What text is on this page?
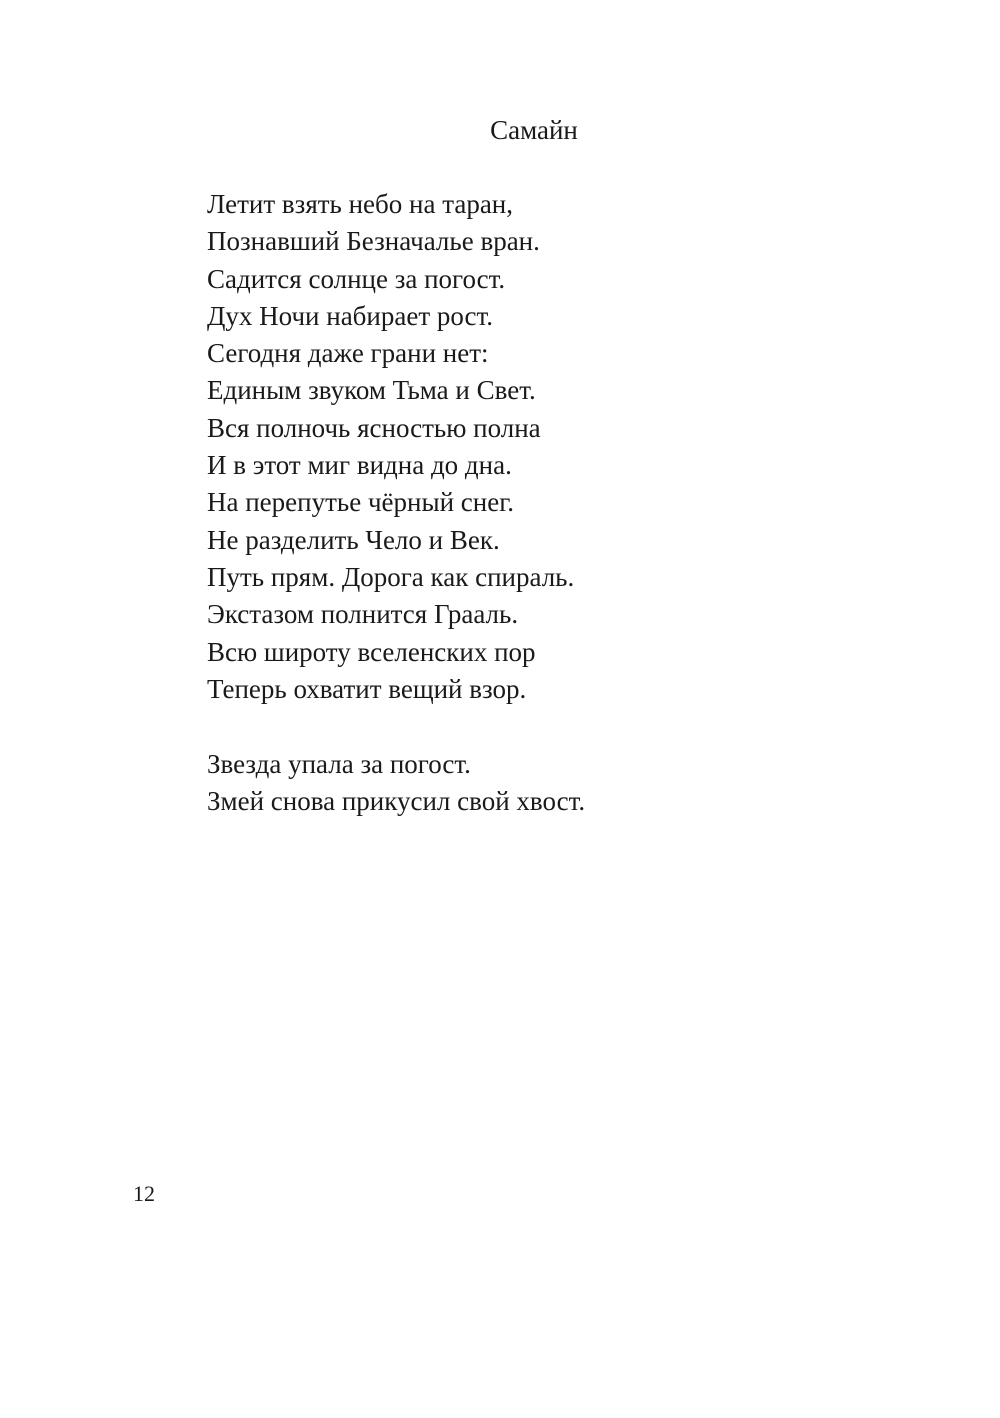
Самайн
Летит взять небо на таран,
Познавший Безначалье вран.
Садится солнце за погост.
Дух Ночи набирает рост.
Сегодня даже грани нет:
Единым звуком Тьма и Свет.
Вся полночь ясностью полна
И в этот миг видна до дна.
На перепутье чёрный снег.
Не разделить Чело и Век.
Путь прям. Дорога как спираль.
Экстазом полнится Грааль.
Всю широту вселенских пор
Теперь охватит вещий взор.
Звезда упала за погост.
Змей снова прикусил свой хвост.
12
